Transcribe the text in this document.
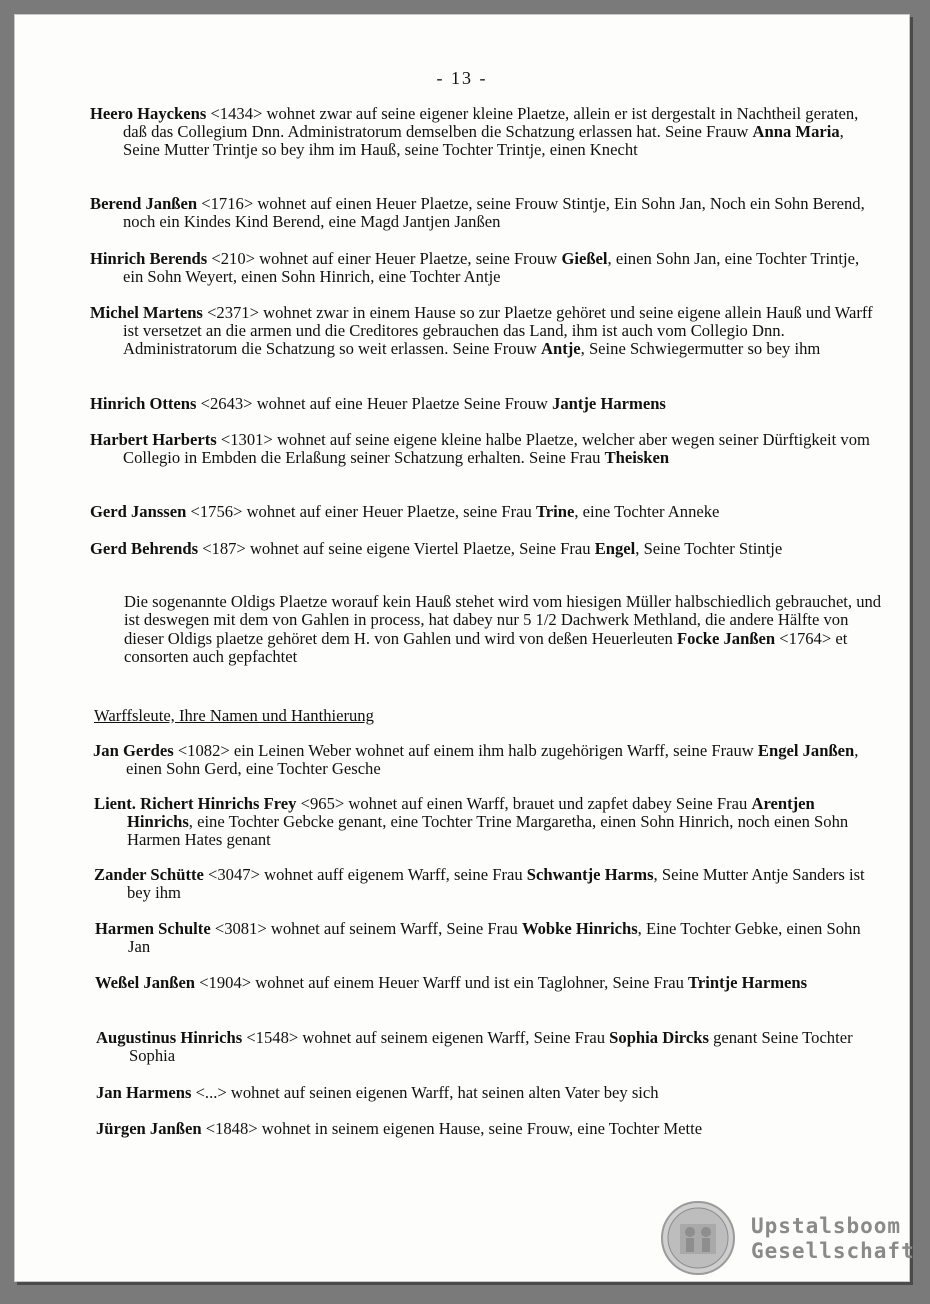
- 13 -
Heero Hayckens <1434> wohnet zwar auf seine eigener kleine Plaetze, allein er ist dergestalt in Nachtheil geraten, daß das Collegium Dnn. Administratorum demselben die Schatzung erlassen hat. Seine Frauw Anna Maria, Seine Mutter Trintje so bey ihm im Hauß, seine Tochter Trintje, einen Knecht
Berend Janßen <1716> wohnet auf einen Heuer Plaetze, seine Frouw Stintje, Ein Sohn Jan, Noch ein Sohn Berend, noch ein Kindes Kind Berend, eine Magd Jantjen Janßen
Hinrich Berends <210> wohnet auf einer Heuer Plaetze, seine Frouw Gießel, einen Sohn Jan, eine Tochter Trintje, ein Sohn Weyert, einen Sohn Hinrich, eine Tochter Antje
Michel Martens <2371> wohnet zwar in einem Hause so zur Plaetze gehöret und seine eigene allein Hauß und Warff ist versetzet an die armen und die Creditores gebrauchen das Land, ihm ist auch vom Collegio Dnn. Administratorum die Schatzung so weit erlassen. Seine Frouw Antje, Seine Schwiegermutter so bey ihm
Hinrich Ottens <2643> wohnet auf eine Heuer Plaetze Seine Frouw Jantje Harmens
Harbert Harberts <1301> wohnet auf seine eigene kleine halbe Plaetze, welcher aber wegen seiner Dürftigkeit vom Collegio in Embden die Erlaßung seiner Schatzung erhalten. Seine Frau Theisken
Gerd Janssen <1756> wohnet auf einer Heuer Plaetze, seine Frau Trine, eine Tochter Anneke
Gerd Behrends <187> wohnet auf seine eigene Viertel Plaetze, Seine Frau Engel, Seine Tochter Stintje
Die sogenannte Oldigs Plaetze worauf kein Hauß stehet wird vom hiesigen Müller halbschiedlich gebrauchet, und ist deswegen mit dem von Gahlen in process, hat dabey nur 5 1/2 Dachwerk Methland, die andere Hälfte von dieser Oldigs plaetze gehöret dem H. von Gahlen und wird von deßen Heuerleuten Focke Janßen <1764> et consorten auch gepfachtet
Warffsleute, Ihre Namen und Hanthierung
Jan Gerdes <1082> ein Leinen Weber wohnet auf einem ihm halb zugehörigen Warff, seine Frauw Engel Janßen, einen Sohn Gerd, eine Tochter Gesche
Lient. Richert Hinrichs Frey <965> wohnet auf einen Warff, brauet und zapfet dabey Seine Frau Arentjen Hinrichs, eine Tochter Gebcke genant, eine Tochter Trine Margaretha, einen Sohn Hinrich, noch einen Sohn Harmen Hates genant
Zander Schütte <3047> wohnet auff eigenem Warff, seine Frau Schwantje Harms, Seine Mutter Antje Sanders ist bey ihm
Harmen Schulte <3081> wohnet auf seinem Warff, Seine Frau Wobke Hinrichs, Eine Tochter Gebke, einen Sohn Jan
Weßel Janßen <1904> wohnet auf einem Heuer Warff und ist ein Taglohner, Seine Frau Trintje Harmens
Augustinus Hinrichs <1548> wohnet auf seinem eigenen Warff, Seine Frau Sophia Dircks genant Seine Tochter Sophia
Jan Harmens <...> wohnet auf seinen eigenen Warff, hat seinen alten Vater bey sich
Jürgen Janßen <1848> wohnet in seinem eigenen Hause, seine Frouw, eine Tochter Mette
Upstalsboom
Gesellschaft
